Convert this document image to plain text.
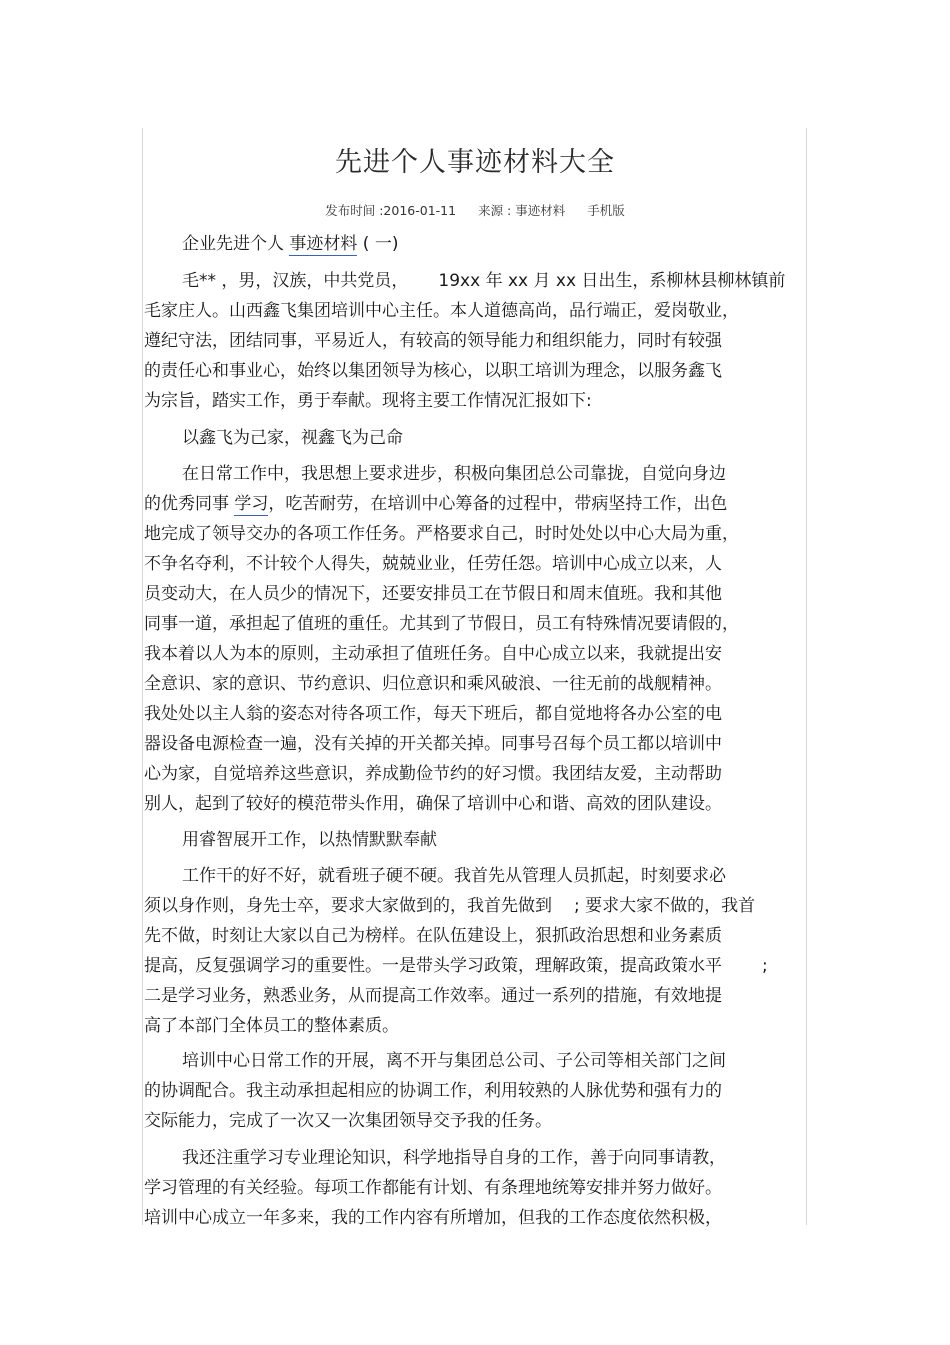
先进个人事迹材料大全
发布时间 :2016-01-11 来源 : 事迹材料 手机版
企业先进个人 事迹材料 ( 一)
毛** ，男，汉族，中共党员， 19xx 年 xx 月 xx 日出生，系柳林县柳林镇前
毛家庄人。山西鑫飞集团培训中心主任。本人道德高尚，品行端正，爱岗敬业，
遵纪守法，团结同事，平易近人，有较高的领导能力和组织能力，同时有较强
的责任心和事业心，始终以集团领导为核心，以职工培训为理念，以服务鑫飞
为宗旨，踏实工作，勇于奉献。现将主要工作情况汇报如下:
以鑫飞为己家，视鑫飞为己命
在日常工作中，我思想上要求进步，积极向集团总公司靠拢，自觉向身边
的优秀同事 学习，吃苦耐劳，在培训中心筹备的过程中，带病坚持工作，出色
地完成了领导交办的各项工作任务。严格要求自己，时时处处以中心大局为重，
不争名夺利，不计较个人得失，兢兢业业，任劳任怨。培训中心成立以来，人
员变动大，在人员少的情况下，还要安排员工在节假日和周末值班。我和其他
同事一道，承担起了值班的重任。尤其到了节假日，员工有特殊情况要请假的，
我本着以人为本的原则，主动承担了值班任务。自中心成立以来，我就提出安
全意识、家的意识、节约意识、归位意识和乘风破浪、一往无前的战舰精神。
我处处以主人翁的姿态对待各项工作，每天下班后，都自觉地将各办公室的电
器设备电源检查一遍，没有关掉的开关都关掉。同事号召每个员工都以培训中
心为家，自觉培养这些意识，养成勤俭节约的好习惯。我团结友爱，主动帮助
别人，起到了较好的模范带头作用，确保了培训中心和谐、高效的团队建设。
用睿智展开工作，以热情默默奉献
工作干的好不好，就看班子硬不硬。我首先从管理人员抓起，时刻要求必
须以身作则，身先士卒，要求大家做到的，我首先做到 ; 要求大家不做的，我首
先不做，时刻让大家以自己为榜样。在队伍建设上，狠抓政治思想和业务素质
提高，反复强调学习的重要性。一是带头学习政策，理解政策，提高政策水平 ;
二是学习业务，熟悉业务，从而提高工作效率。通过一系列的措施，有效地提
高了本部门全体员工的整体素质。
培训中心日常工作的开展，离不开与集团总公司、子公司等相关部门之间
的协调配合。我主动承担起相应的协调工作，利用较熟的人脉优势和强有力的
交际能力，完成了一次又一次集团领导交予我的任务。
我还注重学习专业理论知识，科学地指导自身的工作，善于向同事请教，
学习管理的有关经验。每项工作都能有计划、有条理地统筹安排并努力做好。
培训中心成立一年多来，我的工作内容有所增加，但我的工作态度依然积极，
